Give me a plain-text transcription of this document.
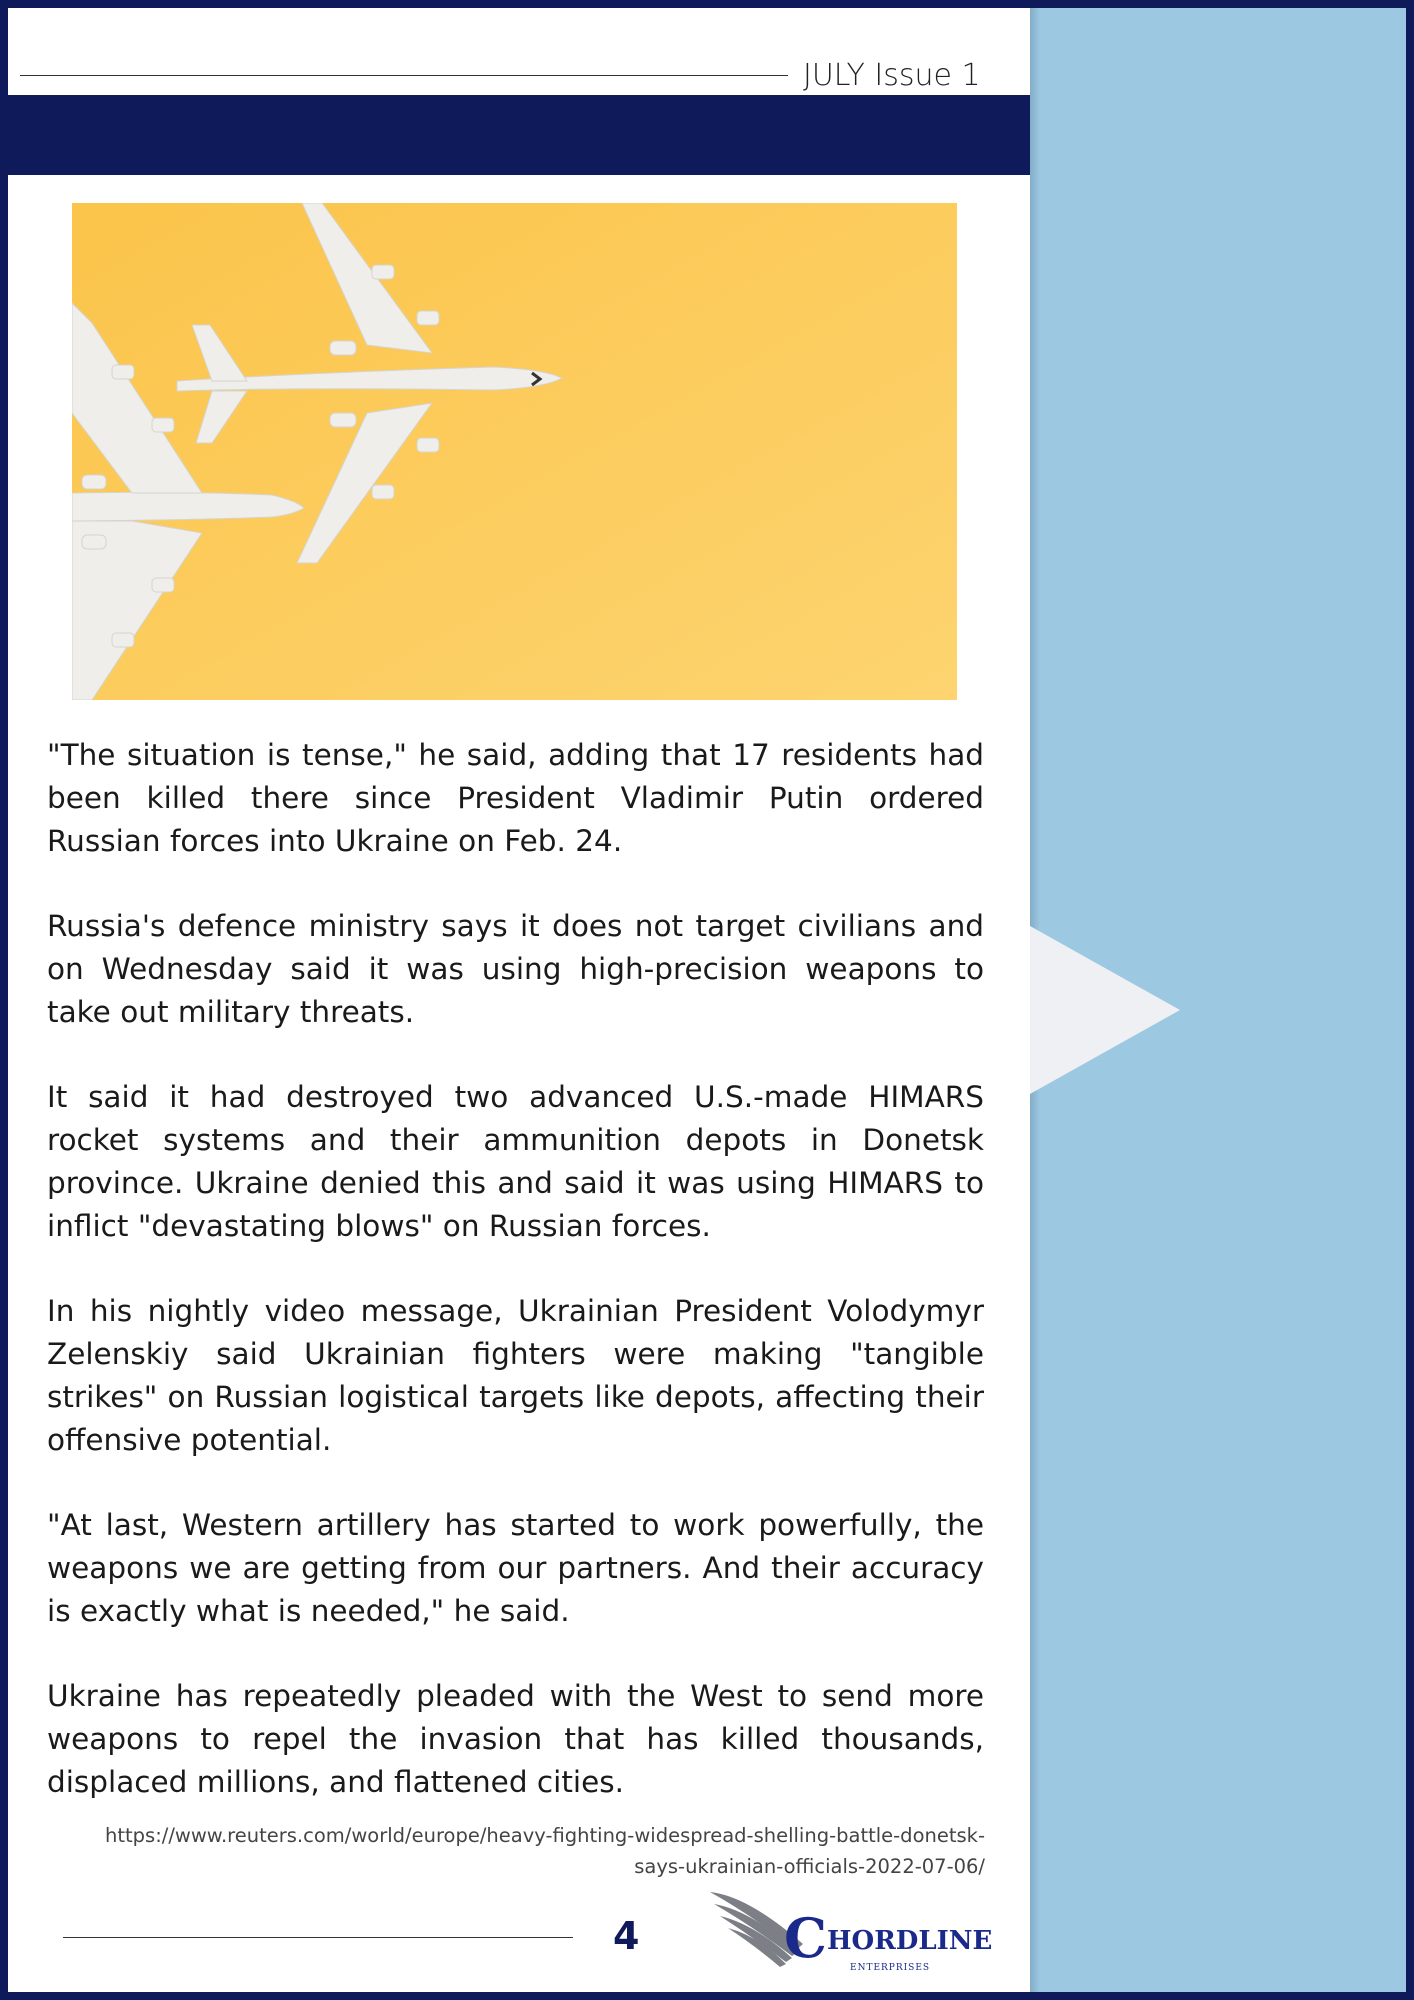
JULY Issue 1

"The situation is tense," he said, adding that 17 residents had been killed there since President Vladimir Putin ordered Russian forces into Ukraine on Feb. 24.

Russia's defence ministry says it does not target civilians and on Wednesday said it was using high-precision weapons to take out military threats.

It said it had destroyed two advanced U.S.-made HIMARS rocket systems and their ammunition depots in Donetsk province. Ukraine denied this and said it was using HIMARS to inflict "devastating blows" on Russian forces.

In his nightly video message, Ukrainian President Volodymyr Zelenskiy said Ukrainian fighters were making "tangible strikes" on Russian logistical targets like depots, affecting their offensive potential.

"At last, Western artillery has started to work powerfully, the weapons we are getting from our partners. And their accuracy is exactly what is needed," he said.

Ukraine has repeatedly pleaded with the West to send more weapons to repel the invasion that has killed thousands, displaced millions, and flattened cities.

https://www.reuters.com/world/europe/heavy-fighting-widespread-shelling-battle-donetsk-
says-ukrainian-officials-2022-07-06/
4	CHORDLINE
ENTERPRISES
